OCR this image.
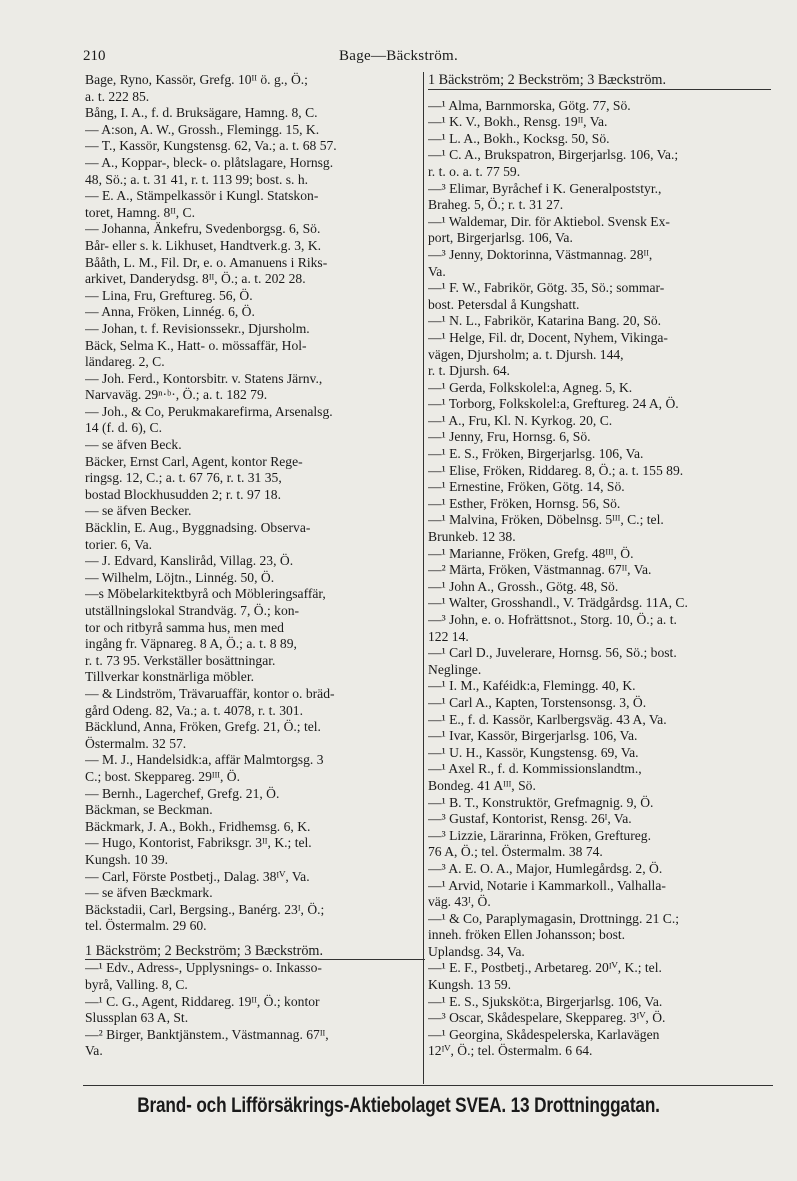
210	Bage—Bäckström.
Bage, Ryno, Kassör, Grefg. 10ᴵᴵ ö. g., Ö.;
a. t. 222 85.
Bång, I. A., f. d. Bruksägare, Hamng. 8, C.
— A:son, A. W., Grossh., Flemingg. 15, K.
— T., Kassör, Kungstensg. 62, Va.; a. t. 68 57.
— A., Koppar-, bleck- o. plåtslagare, Hornsg.
48, Sö.; a. t. 31 41, r. t. 113 99; bost. s. h.
— E. A., Stämpelkassör i Kungl. Statskon-
toret, Hamng. 8ᴵᴵ, C.
— Johanna, Änkefru, Svedenborgsg. 6, Sö.
Bår- eller s. k. Likhuset, Handtverk.g. 3, K.
Bååth, L. M., Fil. Dr, e. o. Amanuens i Riks-
arkivet, Danderydsg. 8ᴵᴵ, Ö.; a. t. 202 28.
— Lina, Fru, Greftureg. 56, Ö.
— Anna, Fröken, Linnég. 6, Ö.
— Johan, t. f. Revisionssekr., Djursholm.
Bäck, Selma K., Hatt- o. mössaffär, Hol-
ländareg. 2, C.
— Joh. Ferd., Kontorsbitr. v. Statens Järnv.,
Narvaväg. 29ⁿ·ᵇ·, Ö.; a. t. 182 79.
— Joh., & Co, Perukmakarefirma, Arsenalsg.
14 (f. d. 6), C.
— se äfven Beck.
Bäcker, Ernst Carl, Agent, kontor Rege-
ringsg. 12, C.; a. t. 67 76, r. t. 31 35,
bostad Blockhusudden 2; r. t. 97 18.
— se äfven Becker.
Bäcklin, E. Aug., Byggnadsing. Observa-
toriег. 6, Va.
— J. Edvard, Kansliråd, Villag. 23, Ö.
— Wilhelm, Löjtn., Linnég. 50, Ö.
—s Möbelarkitektbyrå och Möbleringsaffär,
utställningslokal Strandväg. 7, Ö.; kon-
tor och ritbyrå samma hus, men med
ingång fr. Väpnareg. 8 A, Ö.; a. t. 8 89,
r. t. 73 95. Verkställer bosättningar.
Tillverkar konstnärliga möbler.
— & Lindström, Trävaruaffär, kontor o. bräd-
gård Odeng. 82, Va.; a. t. 4078, r. t. 301.
Bäcklund, Anna, Fröken, Grefg. 21, Ö.; tel.
Östermalm. 32 57.
— M. J., Handelsidk:a, affär Malmtorgsg. 3
C.; bost. Skeppareg. 29ᴵᴵᴵ, Ö.
— Bernh., Lagerchef, Grefg. 21, Ö.
Bäckman, se Beckman.
Bäckmark, J. A., Bokh., Fridhemsg. 6, K.
— Hugo, Kontorist, Fabriksgr. 3ᴵᴵ, K.; tel.
Kungsh. 10 39.
— Carl, Förste Postbetj., Dalag. 38ᴵⱽ, Va.
— se äfven Bæckmark.
Bäckstadii, Carl, Bergsing., Banérg. 23ᴵ, Ö.;
tel. Östermalm. 29 60.
1 Bäckström; 2 Beckström; 3 Bæckström.
—¹ Edv., Adress-, Upplysnings- o. Inkasso-
byrå, Valling. 8, C.
—¹ C. G., Agent, Riddareg. 19ᴵᴵ, Ö.; kontor
Slussplan 63 A, St.
—² Birger, Banktjänstem., Västmannag. 67ᴵᴵ,
Va.
1 Bäckström; 2 Beckström; 3 Bæckström.
—¹ Alma, Barnmorska, Götg. 77, Sö.
—¹ K. V., Bokh., Rensg. 19ᴵᴵ, Va.
—¹ L. A., Bokh., Kocksg. 50, Sö.
—¹ C. A., Brukspatron, Birgerjarlsg. 106, Va.;
r. t. o. a. t. 77 59.
—³ Elimar, Byråchef i K. Generalpoststyr.,
Braheg. 5, Ö.; r. t. 31 27.
—¹ Waldemar, Dir. för Aktiebol. Svensk Ex-
port, Birgerjarlsg. 106, Va.
—³ Jenny, Doktorinna, Västmannag. 28ᴵᴵ,
Va.
—¹ F. W., Fabrikör, Götg. 35, Sö.; sommar-
bost. Petersdal å Kungshatt.
—¹ N. L., Fabrikör, Katarina Bang. 20, Sö.
—¹ Helge, Fil. dr, Docent, Nyhem, Vikinga-
vägen, Djursholm; a. t. Djursh. 144,
r. t. Djursh. 64.
—¹ Gerda, Folkskolel:a, Agneg. 5, K.
—¹ Torborg, Folkskolel:a, Greftureg. 24 A, Ö.
—¹ A., Fru, Kl. N. Kyrkog. 20, C.
—¹ Jenny, Fru, Hornsg. 6, Sö.
—¹ E. S., Fröken, Birgerjarlsg. 106, Va.
—¹ Elise, Fröken, Riddareg. 8, Ö.; a. t. 155 89.
—¹ Ernestine, Fröken, Götg. 14, Sö.
—¹ Esther, Fröken, Hornsg. 56, Sö.
—¹ Malvina, Fröken, Döbelnsg. 5ᴵᴵᴵ, C.; tel.
Brunkeb. 12 38.
—¹ Marianne, Fröken, Grefg. 48ᴵᴵᴵ, Ö.
—² Märta, Fröken, Västmannag. 67ᴵᴵ, Va.
—¹ John A., Grossh., Götg. 48, Sö.
—¹ Walter, Grosshandl., V. Trädgårdsg. 11A, C.
—³ John, e. o. Hofrättsnot., Storg. 10, Ö.; a. t.
122 14.
—¹ Carl D., Juvelerare, Hornsg. 56, Sö.; bost.
Neglinge.
—¹ I. M., Kaféidk:a, Flemingg. 40, K.
—¹ Carl A., Kapten, Torstensonsg. 3, Ö.
—¹ E., f. d. Kassör, Karlbergsväg. 43 A, Va.
—¹ Ivar, Kassör, Birgerjarlsg. 106, Va.
—¹ U. H., Kassör, Kungstensg. 69, Va.
—¹ Axel R., f. d. Kommissionslandtm.,
Bondeg. 41 Aᴵᴵᴵ, Sö.
—¹ B. T., Konstruktör, Grefmagnig. 9, Ö.
—³ Gustaf, Kontorist, Rensg. 26ᴵ, Va.
—³ Lizzie, Lärarinna, Fröken, Greftureg.
76 A, Ö.; tel. Östermalm. 38 74.
—³ A. E. O. A., Major, Humlegårdsg. 2, Ö.
—¹ Arvid, Notarie i Kammarkoll., Valhalla-
väg. 43ᴵ, Ö.
—¹ & Co, Paraplymagasin, Drottningg. 21 C.;
inneh. fröken Ellen Johansson; bost.
Uplandsg. 34, Va.
—¹ E. F., Postbetj., Arbetareg. 20ᴵⱽ, K.; tel.
Kungsh. 13 59.
—¹ E. S., Sjuksköt:a, Birgerjarlsg. 106, Va.
—³ Oscar, Skådespelare, Skeppareg. 3ᴵⱽ, Ö.
—¹ Georgina, Skådespelerska, Karlavägen
12ᴵⱽ, Ö.; tel. Östermalm. 6 64.
Brand- och Lifförsäkrings-Aktiebolaget SVEA. 13 Drottninggatan.
